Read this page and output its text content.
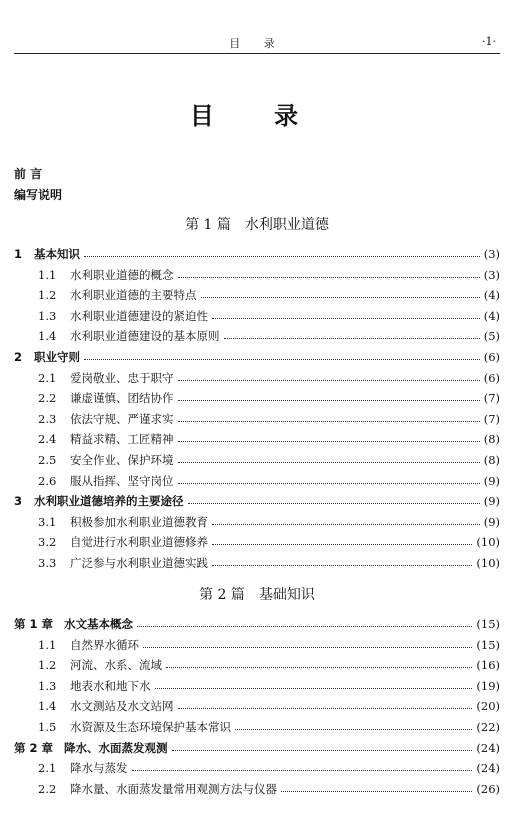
目 录	·1·
目 录
前 言
编写说明
第 1 篇　水利职业道德
1	基本知识	(3)
1.1	水利职业道德的概念	(3)
1.2	水利职业道德的主要特点	(4)
1.3	水利职业道德建设的紧迫性	(4)
1.4	水利职业道德建设的基本原则	(5)
2	职业守则	(6)
2.1	爱岗敬业、忠于职守	(6)
2.2	谦虚谨慎、团结协作	(7)
2.3	依法守规、严谨求实	(7)
2.4	精益求精、工匠精神	(8)
2.5	安全作业、保护环境	(8)
2.6	服从指挥、坚守岗位	(9)
3	水利职业道德培养的主要途径	(9)
3.1	积极参加水利职业道德教育	(9)
3.2	自觉进行水利职业道德修养	(10)
3.3	广泛参与水利职业道德实践	(10)
第 2 篇　基础知识
第 1 章 水文基本概念	(15)
1.1	自然界水循环	(15)
1.2	河流、水系、流域	(16)
1.3	地表水和地下水	(19)
1.4	水文测站及水文站网	(20)
1.5	水资源及生态环境保护基本常识	(22)
第 2 章 降水、水面蒸发观测	(24)
2.1	降水与蒸发	(24)
2.2	降水量、水面蒸发量常用观测方法与仪器	(26)
